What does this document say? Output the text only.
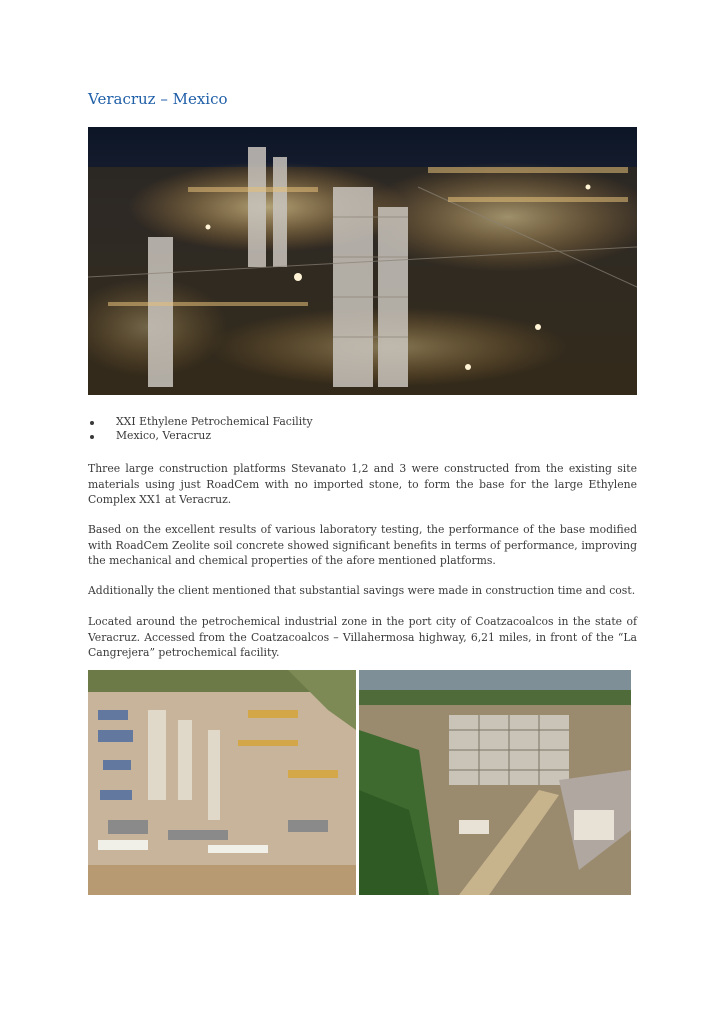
Veracruz – Mexico
XXI Ethylene Petrochemical Facility
Mexico, Veracruz

Three large construction platforms Stevanato 1,2 and 3 were constructed from the existing site materials using just RoadCem with no imported stone, to form the base for the large Ethylene Complex XX1 at Veracruz.

Based on the excellent results of various laboratory testing, the performance of the base modified with RoadCem Zeolite soil concrete showed significant benefits in terms of performance, improving the mechanical and chemical properties of the afore mentioned platforms.

Additionally the client mentioned that substantial savings were made in construction time and cost.

Located around the petrochemical industrial zone in the port city of Coatzacoalcos in the state of Veracruz. Accessed from the Coatzacoalcos – Villahermosa highway, 6,21 miles, in front of the “La Cangrejera” petrochemical facility.
